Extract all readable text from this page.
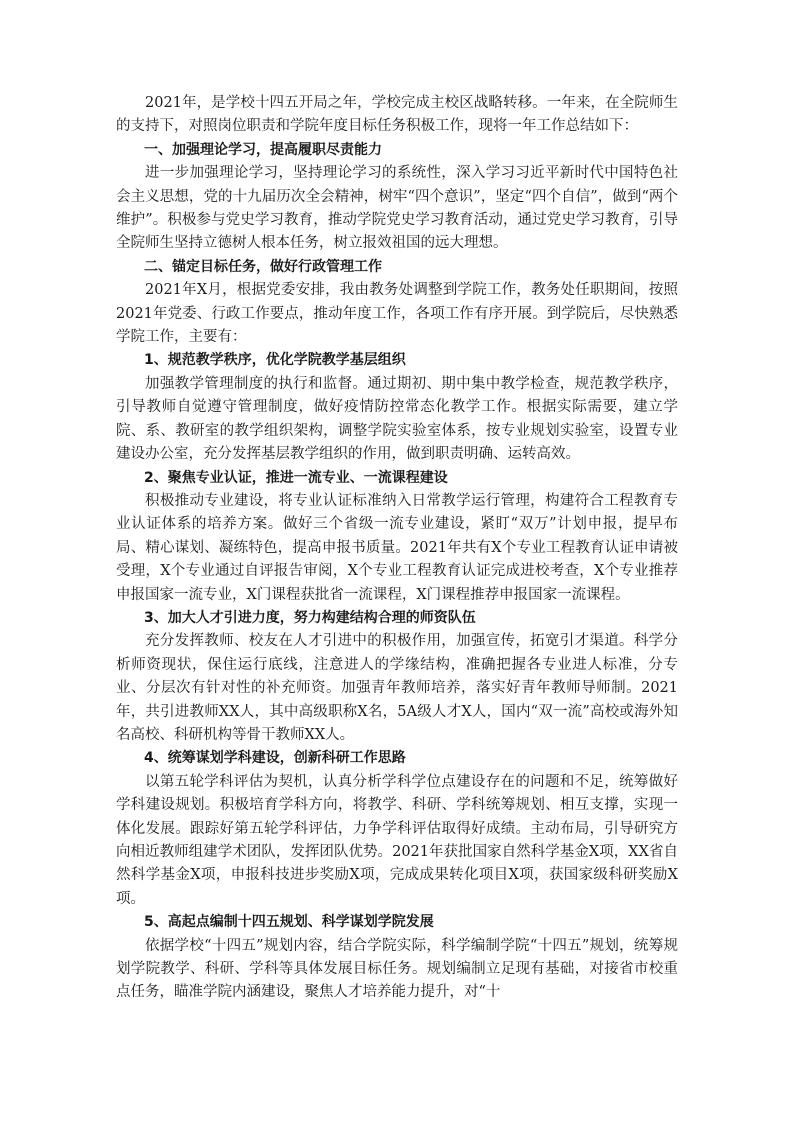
2021年，是学校十四五开局之年，学校完成主校区战略转移。一年来，在全院师生的支持下，对照岗位职责和学院年度目标任务积极工作，现将一年工作总结如下：

一、加强理论学习，提高履职尽责能力

进一步加强理论学习，坚持理论学习的系统性，深入学习习近平新时代中国特色社会主义思想，党的十九届历次全会精神，树牢“四个意识”，坚定“四个自信”，做到“两个维护”。积极参与党史学习教育，推动学院党史学习教育活动，通过党史学习教育，引导全院师生坚持立德树人根本任务，树立报效祖国的远大理想。

二、锚定目标任务，做好行政管理工作

2021年X月，根据党委安排，我由教务处调整到学院工作，教务处任职期间，按照2021年党委、行政工作要点，推动年度工作，各项工作有序开展。到学院后，尽快熟悉学院工作，主要有：

1、规范教学秩序，优化学院教学基层组织

加强教学管理制度的执行和监督。通过期初、期中集中教学检查，规范教学秩序，引导教师自觉遵守管理制度，做好疫情防控常态化教学工作。根据实际需要，建立学院、系、教研室的教学组织架构，调整学院实验室体系，按专业规划实验室，设置专业建设办公室，充分发挥基层教学组织的作用，做到职责明确、运转高效。

2、聚焦专业认证，推进一流专业、一流课程建设

积极推动专业建设，将专业认证标准纳入日常教学运行管理，构建符合工程教育专业认证体系的培养方案。做好三个省级一流专业建设，紧盯“双万”计划申报，提早布局、精心谋划、凝练特色，提高申报书质量。2021年共有X个专业工程教育认证申请被受理，X个专业通过自评报告审阅，X个专业工程教育认证完成进校考查，X个专业推荐申报国家一流专业，X门课程获批省一流课程，X门课程推荐申报国家一流课程。

3、加大人才引进力度，努力构建结构合理的师资队伍

充分发挥教师、校友在人才引进中的积极作用，加强宣传，拓宽引才渠道。科学分析师资现状，保住运行底线，注意进人的学缘结构，准确把握各专业进人标准，分专业、分层次有针对性的补充师资。加强青年教师培养，落实好青年教师导师制。2021年，共引进教师XX人，其中高级职称X名，5A级人才X人，国内“双一流”高校或海外知名高校、科研机构等骨干教师XX人。

4、统筹谋划学科建设，创新科研工作思路

以第五轮学科评估为契机，认真分析学科学位点建设存在的问题和不足，统筹做好学科建设规划。积极培育学科方向，将教学、科研、学科统筹规划、相互支撑，实现一体化发展。跟踪好第五轮学科评估，力争学科评估取得好成绩。主动布局，引导研究方向相近教师组建学术团队，发挥团队优势。2021年获批国家自然科学基金X项，XX省自然科学基金X项，申报科技进步奖励X项，完成成果转化项目X项，获国家级科研奖励X项。

5、高起点编制十四五规划、科学谋划学院发展

依据学校“十四五”规划内容，结合学院实际，科学编制学院“十四五”规划，统筹规划学院教学、科研、学科等具体发展目标任务。规划编制立足现有基础，对接省市校重点任务，瞄准学院内涵建设，聚焦人才培养能力提升，对“十
